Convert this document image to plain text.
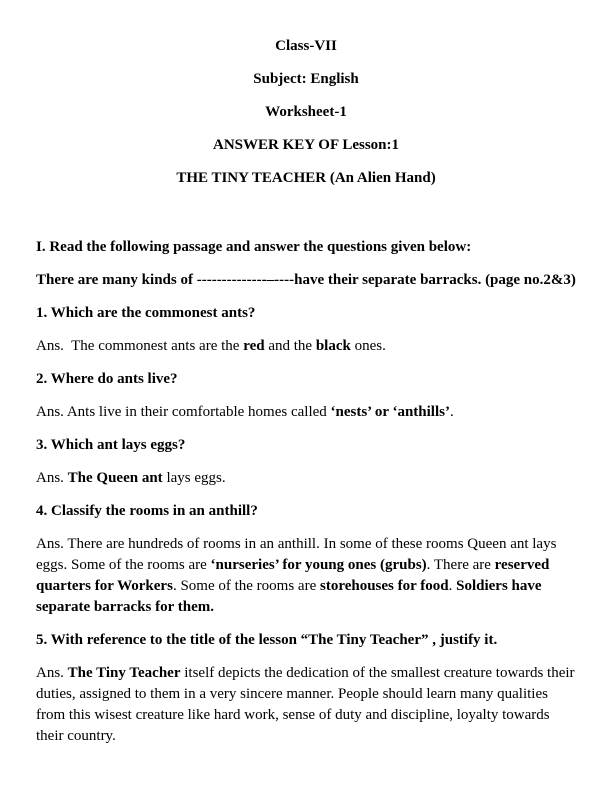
Class-VII

Subject: English

Worksheet-1

ANSWER KEY OF Lesson:1

THE TINY TEACHER (An Alien Hand)

I. Read the following passage and answer the questions given below:

There are many kinds of --------------–----have their separate barracks. (page no.2&3)

1. Which are the commonest ants?

Ans.  The commonest ants are the red and the black ones.

2. Where do ants live?

Ans. Ants live in their comfortable homes called ‘nests’ or ‘anthills’.

3. Which ant lays eggs?

Ans. The Queen ant lays eggs.

4. Classify the rooms in an anthill?

Ans. There are hundreds of rooms in an anthill. In some of these rooms Queen ant lays eggs. Some of the rooms are ‘nurseries’ for young ones (grubs). There are reserved quarters for Workers. Some of the rooms are storehouses for food. Soldiers have separate barracks for them.

5. With reference to the title of the lesson “The Tiny Teacher” , justify it.

Ans. The Tiny Teacher itself depicts the dedication of the smallest creature towards their duties, assigned to them in a very sincere manner. People should learn many qualities from this wisest creature like hard work, sense of duty and discipline, loyalty towards their country.
